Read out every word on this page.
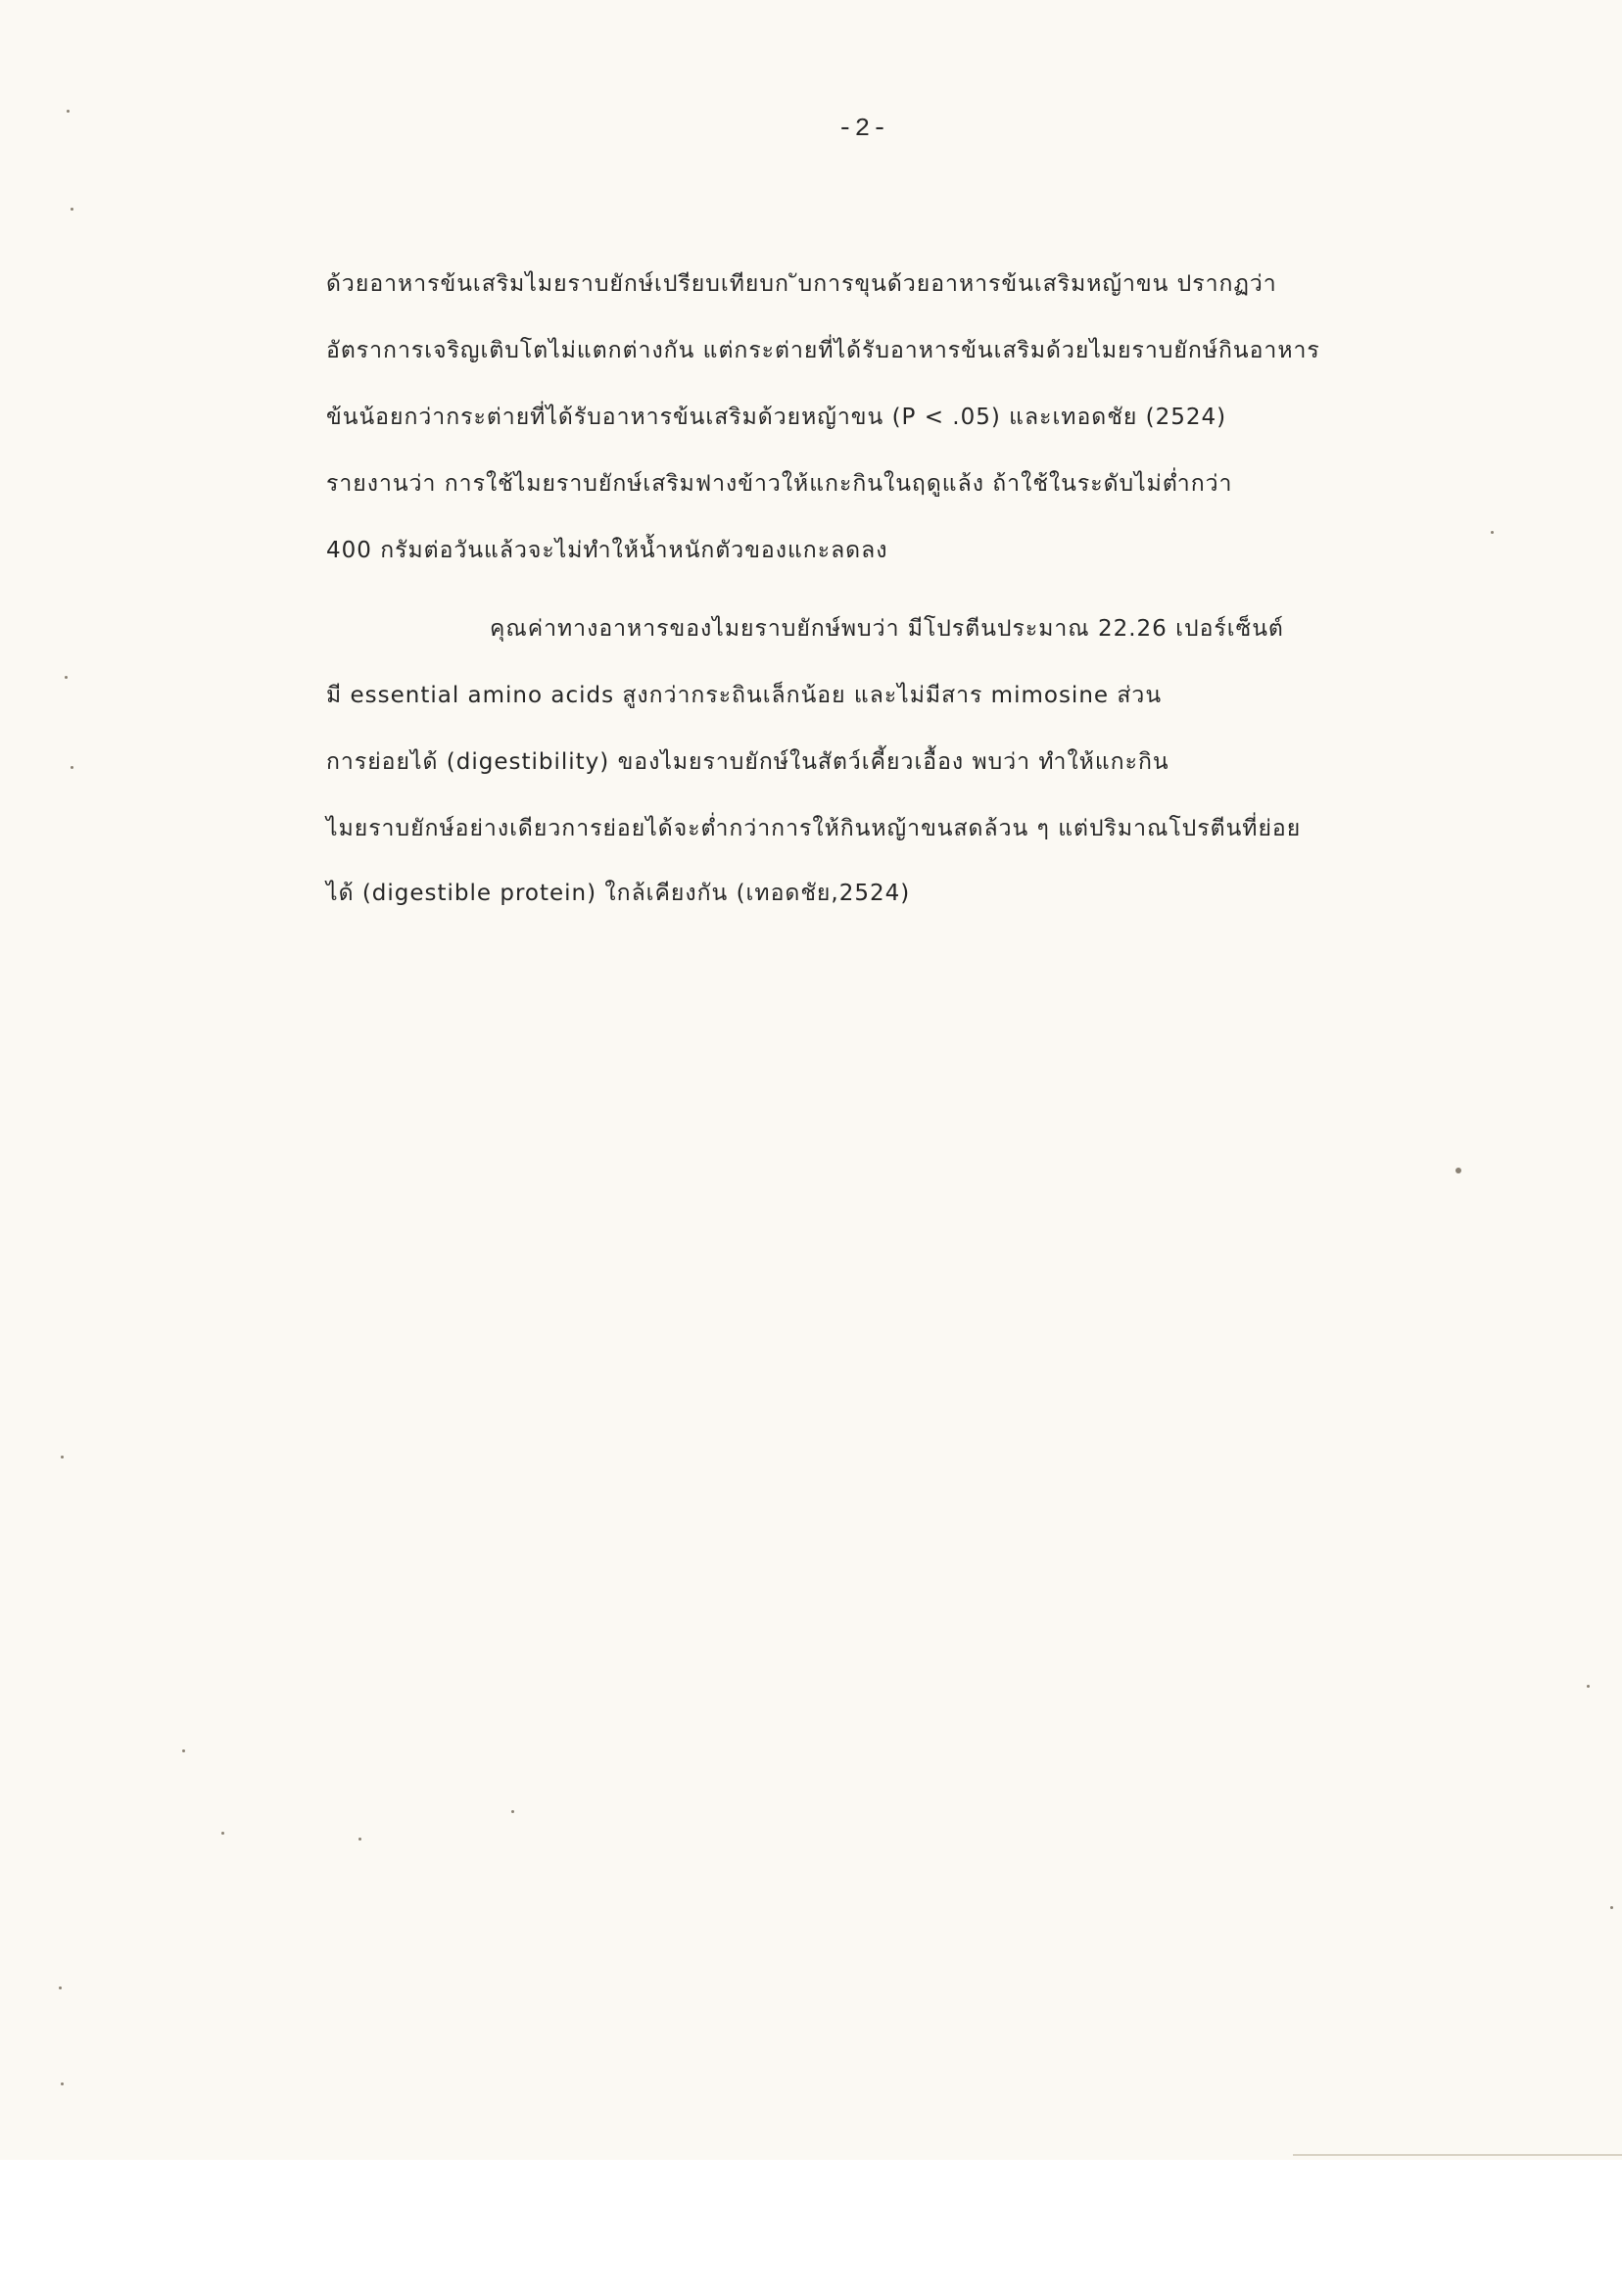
-2-
ด้วยอาหารข้นเสริมไมยราบยักษ์เปรียบเทียบก ับการขุนด้วยอาหารข้นเสริมหญ้าขน ปรากฏว่า
อัตราการเจริญเติบโตไม่แตกต่างกัน แต่กระต่ายที่ได้รับอาหารข้นเสริมด้วยไมยราบยักษ์กินอาหาร
ข้นน้อยกว่ากระต่ายที่ได้รับอาหารข้นเสริมด้วยหญ้าขน (P < .05) และเทอดชัย (2524)
รายงานว่า การใช้ไมยราบยักษ์เสริมฟางข้าวให้แกะกินในฤดูแล้ง ถ้าใช้ในระดับไม่ต่ำกว่า
400 กรัมต่อวันแล้วจะไม่ทำให้น้ำหนักตัวของแกะลดลง
คุณค่าทางอาหารของไมยราบยักษ์พบว่า มีโปรตีนประมาณ 22.26 เปอร์เซ็นต์
มี essential amino acids สูงกว่ากระถินเล็กน้อย และไม่มีสาร mimosine ส่วน
การย่อยได้ (digestibility) ของไมยราบยักษ์ในสัตว์เคี้ยวเอื้อง พบว่า ทำให้แกะกิน
ไมยราบยักษ์อย่างเดียวการย่อยได้จะต่ำกว่าการให้กินหญ้าขนสดล้วน ๆ แต่ปริมาณโปรตีนที่ย่อย
ได้ (digestible protein) ใกล้เคียงกัน (เทอดชัย,2524)
